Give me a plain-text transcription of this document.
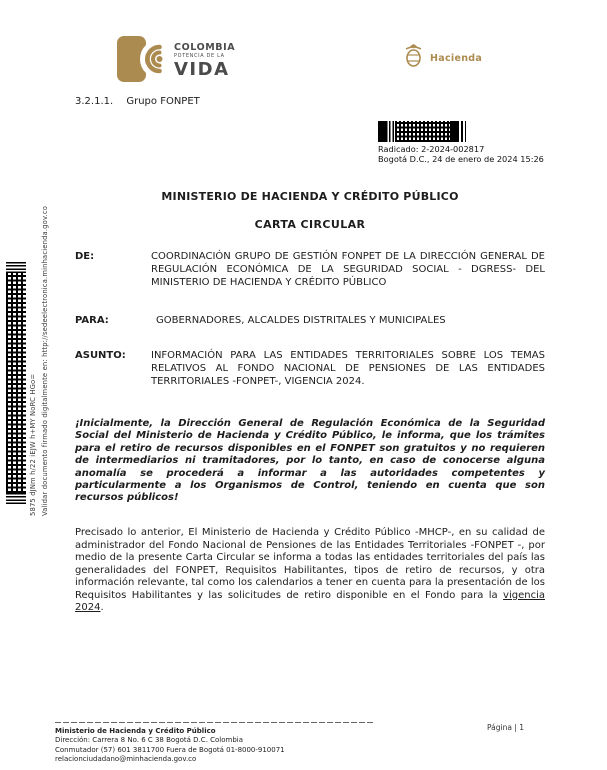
5875 dJNm h/22 iEJW h+MY NoRC HGo= Validar documento firmado digitalmente en: http://sedeelectronica.minhacienda.gov.co
COLOMBIA
POTENCIA DE LA
VIDA
Hacienda
3.2.1.1. Grupo FONPET
Radicado: 2-2024-002817
Bogotá D.C., 24 de enero de 2024 15:26
MINISTERIO DE HACIENDA Y CRÉDITO PÚBLICO
CARTA CIRCULAR
DE:	COORDINACIÓN GRUPO DE GESTIÓN FONPET DE LA DIRECCIÓN GENERAL DE REGULACIÓN ECONÓMICA DE LA SEGURIDAD SOCIAL - DGRESS- DEL MINISTERIO DE HACIENDA Y CRÉDITO PÚBLICO
PARA:	GOBERNADORES, ALCALDES DISTRITALES Y MUNICIPALES
ASUNTO:	INFORMACIÓN PARA LAS ENTIDADES TERRITORIALES SOBRE LOS TEMAS RELATIVOS AL FONDO NACIONAL DE PENSIONES DE LAS ENTIDADES TERRITORIALES -FONPET-, VIGENCIA 2024.

¡Inicialmente, la Dirección General de Regulación Económica de la Seguridad Social del Ministerio de Hacienda y Crédito Público, le informa, que los trámites para el retiro de recursos disponibles en el FONPET son gratuitos y no requieren de intermediarios ni tramitadores, por lo tanto, en caso de conocerse alguna anomalía se procederá a informar a las autoridades competentes y particularmente a los Organismos de Control, teniendo en cuenta que son recursos públicos!

Precisado lo anterior, El Ministerio de Hacienda y Crédito Público -MHCP-, en su calidad de administrador del Fondo Nacional de Pensiones de las Entidades Territoriales -FONPET -, por medio de la presente Carta Circular se informa a todas las entidades territoriales del país las generalidades del FONPET, Requisitos Habilitantes, tipos de retiro de recursos, y otra información relevante, tal como los calendarios a tener en cuenta para la presentación de los Requisitos Habilitantes y las solicitudes de retiro disponible en el Fondo para la vigencia 2024.

Ministerio de Hacienda y Crédito Público
Dirección: Carrera 8 No. 6 C 38 Bogotá D.C. Colombia
Conmutador (57) 601 3811700 Fuera de Bogotá 01-8000-910071
relacionciudadano@minhacienda.gov.co
Página | 1
